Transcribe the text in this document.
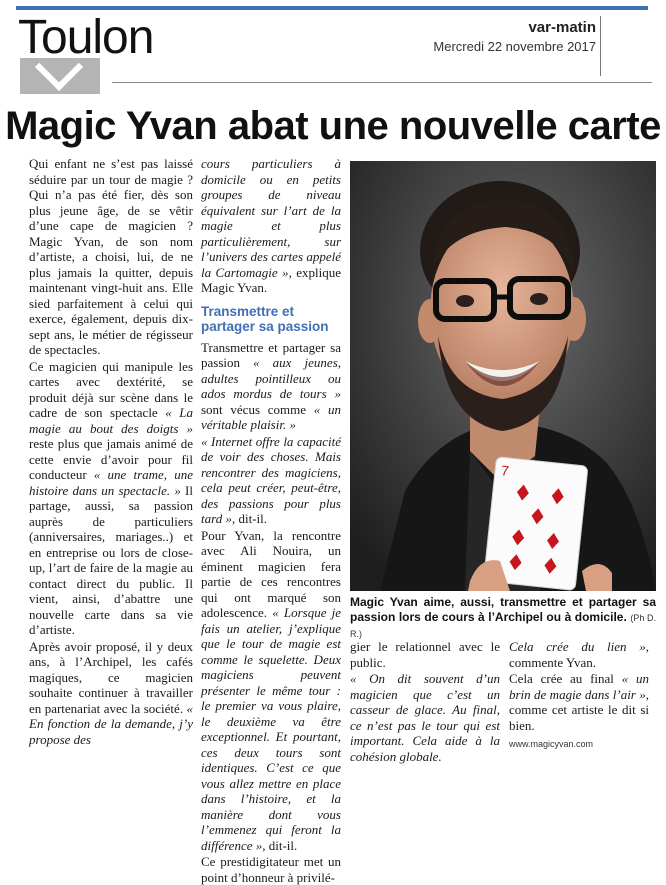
Toulon	var-matin
Mercredi 22 novembre 2017
Magic Yvan abat une nouvelle carte

Qui enfant ne s’est pas laissé séduire par un tour de magie ? Qui n’a pas été fier, dès son plus jeune âge, de se vêtir d’une cape de magicien ? Magic Yvan, de son nom d’artiste, a choisi, lui, de ne plus jamais la quitter, depuis maintenant vingt-huit ans. Elle sied parfaitement à celui qui exerce, également, depuis dix-sept ans, le métier de régisseur de spectacles.

Ce magicien qui manipule les cartes avec dextérité, se produit déjà sur scène dans le cadre de son spectacle « La magie au bout des doigts » reste plus que jamais animé de cette envie d’avoir pour fil conducteur « une trame, une histoire dans un spectacle. » Il partage, aussi, sa passion auprès de particuliers (anniversaires, mariages..) et en entreprise ou lors de close-up, l’art de faire de la magie au contact direct du public. Il vient, ainsi, d’abattre une nouvelle carte dans sa vie d’artiste.

Après avoir proposé, il y deux ans, à l’Archipel, les cafés magiques, ce magicien souhaite continuer à travailler en partenariat avec la société. « En fonction de la demande, j’y propose des

cours particuliers à domicile ou en petits groupes de niveau équivalent sur l’art de la magie et plus particulièrement, sur l’univers des cartes appelé la Cartomagie », explique Magic Yvan.

Transmettre et partager sa passion

Transmettre et partager sa passion « aux jeunes, adultes pointilleux ou ados mordus de tours » sont vécus comme « un véritable plaisir. »

« Internet offre la capacité de voir des choses. Mais rencontrer des magiciens, cela peut créer, peut-être, des passions pour plus tard », dit-il.

Pour Yvan, la rencontre avec Ali Nouira, un éminent magicien fera partie de ces rencontres qui ont marqué son adolescence. « Lorsque je fais un atelier, j’explique que le tour de magie est comme le squelette. Deux magiciens peuvent présenter le même tour : le premier va vous plaire, le deuxième va être exceptionnel. Et pourtant, ces deux tours sont identiques. C’est ce que vous allez mettre en place dans l’histoire, et la manière dont vous l’emmenez qui feront la différence », dit-il.

Ce prestidigitateur met un point d’honneur à privilé-

7
Magic Yvan aime, aussi, transmettre et partager sa passion lors de cours à l’Archipel ou à domicile. (Ph D. R.)

gier le relationnel avec le public.

« On dit souvent d’un magicien que c’est un casseur de glace. Au final, ce n’est pas le tour qui est important. Cela aide à la cohésion globale.

Cela crée du lien », commente Yvan.

Cela crée au final « un brin de magie dans l’air », comme cet artiste le dit si bien.

www.magicyvan.com
